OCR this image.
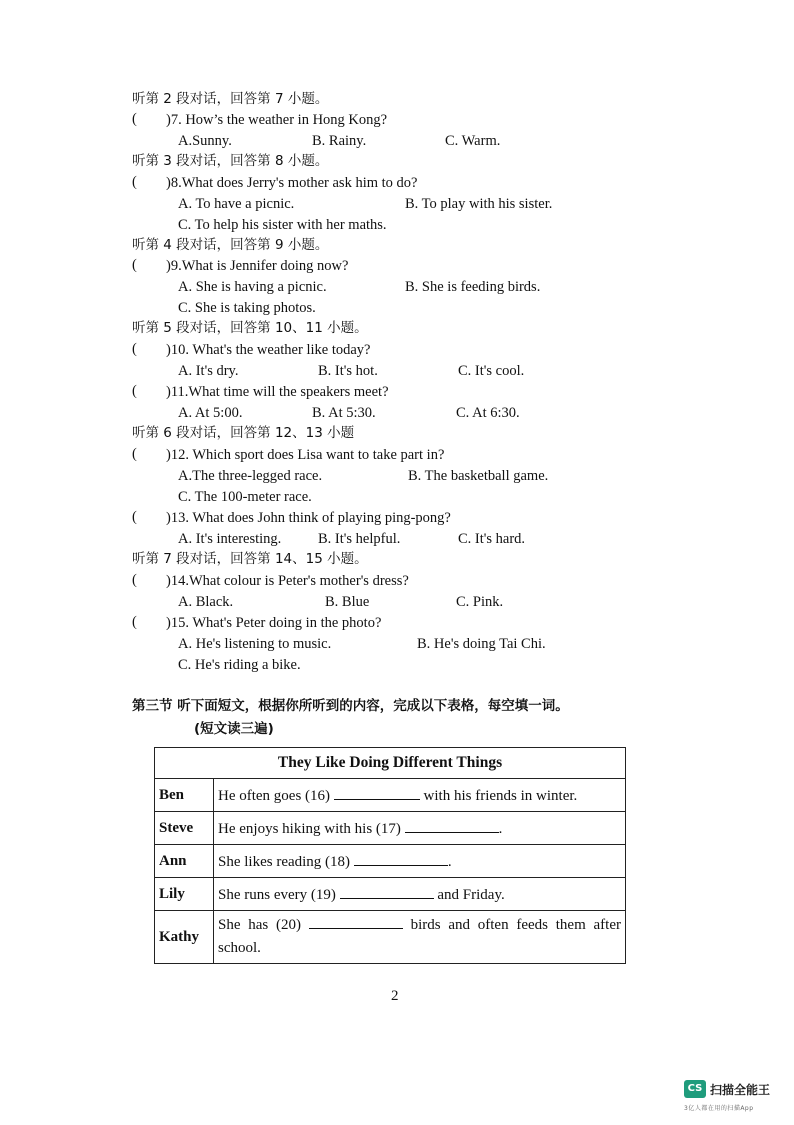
听第 2 段对话，回答第 7 小题。
( )7. How’s the weather in Hong Kong?
A.Sunny.	B. Rainy.	C. Warm.
听第 3 段对话，回答第 8 小题。
( )8.What does Jerry's mother ask him to do?
A. To have a picnic.	B. To play with his sister.
C. To help his sister with her maths.
听第 4 段对话，回答第 9 小题。
( )9.What is Jennifer doing now?
A. She is having a picnic.	B. She is feeding birds.
C. She is taking photos.
听第 5 段对话，回答第 10、11 小题。
( )10. What's the weather like today?
A. It's dry.	B. It's hot.	C. It's cool.
( )11.What time will the speakers meet?
A. At 5:00.	B. At 5:30.	C. At 6:30.
听第 6 段对话，回答第 12、13 小题
( )12. Which sport does Lisa want to take part in?
A.The three-legged race.	B. The basketball game.
C. The 100-meter race.
( )13. What does John think of playing ping-pong?
A. It's interesting.	B. It's helpful.	C. It's hard.
听第 7 段对话，回答第 14、15 小题。
( )14.What colour is Peter's mother's dress?
A. Black.	B. Blue	C. Pink.
( )15. What's Peter doing in the photo?
A. He's listening to music.	B. He's doing Tai Chi.
C. He's riding a bike.
第三节 听下面短文，根据你所听到的内容，完成以下表格，每空填一词。
(短文读三遍)
They Like Doing Different Things	
Ben	He often goes (16) with his friends in winter.
Steve	He enjoys hiking with his (17) .
Ann	She likes reading (18) .
Lily	She runs every (19) and Friday.
Kathy	She has (20) birds and often feeds them after school.
2
CS 扫描全能王
3亿人都在用的扫描App
